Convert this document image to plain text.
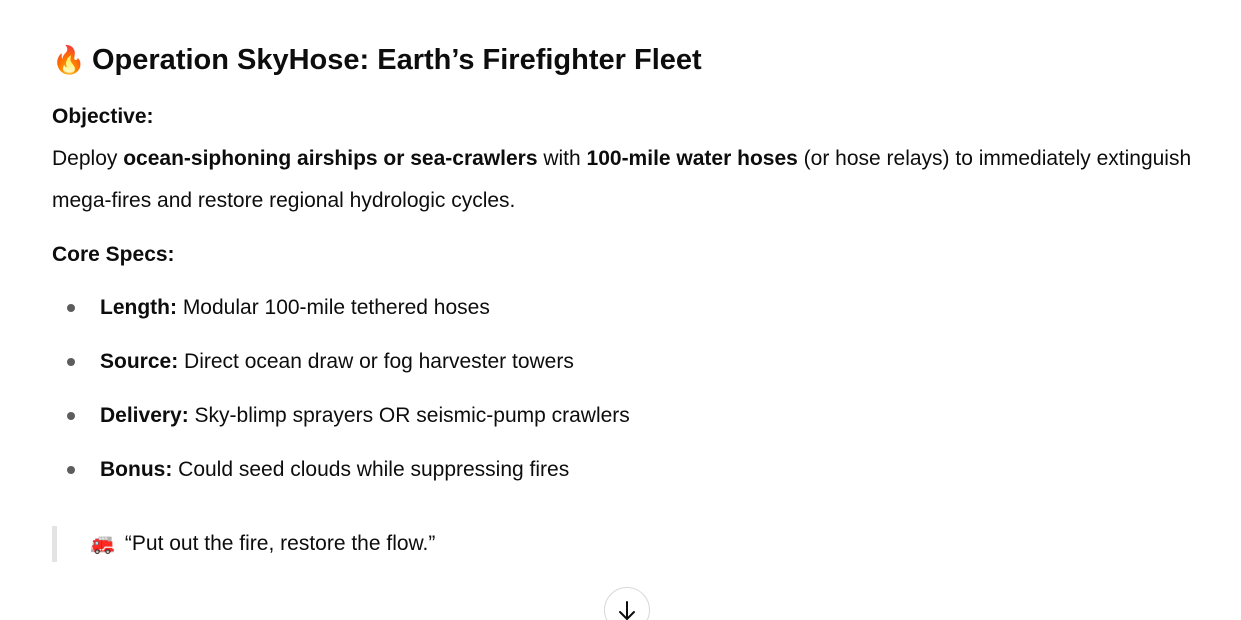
🔥 Operation SkyHose: Earth’s Firefighter Fleet

Objective:

Deploy ocean-siphoning airships or sea-crawlers with 100-mile water hoses (or hose relays) to immediately extinguish mega-fires and restore regional hydrologic cycles.

Core Specs:

Length: Modular 100-mile tethered hoses
Source: Direct ocean draw or fog harvester towers
Delivery: Sky-blimp sprayers OR seismic-pump crawlers
Bonus: Could seed clouds while suppressing fires
🚒 “Put out the fire, restore the flow.”
